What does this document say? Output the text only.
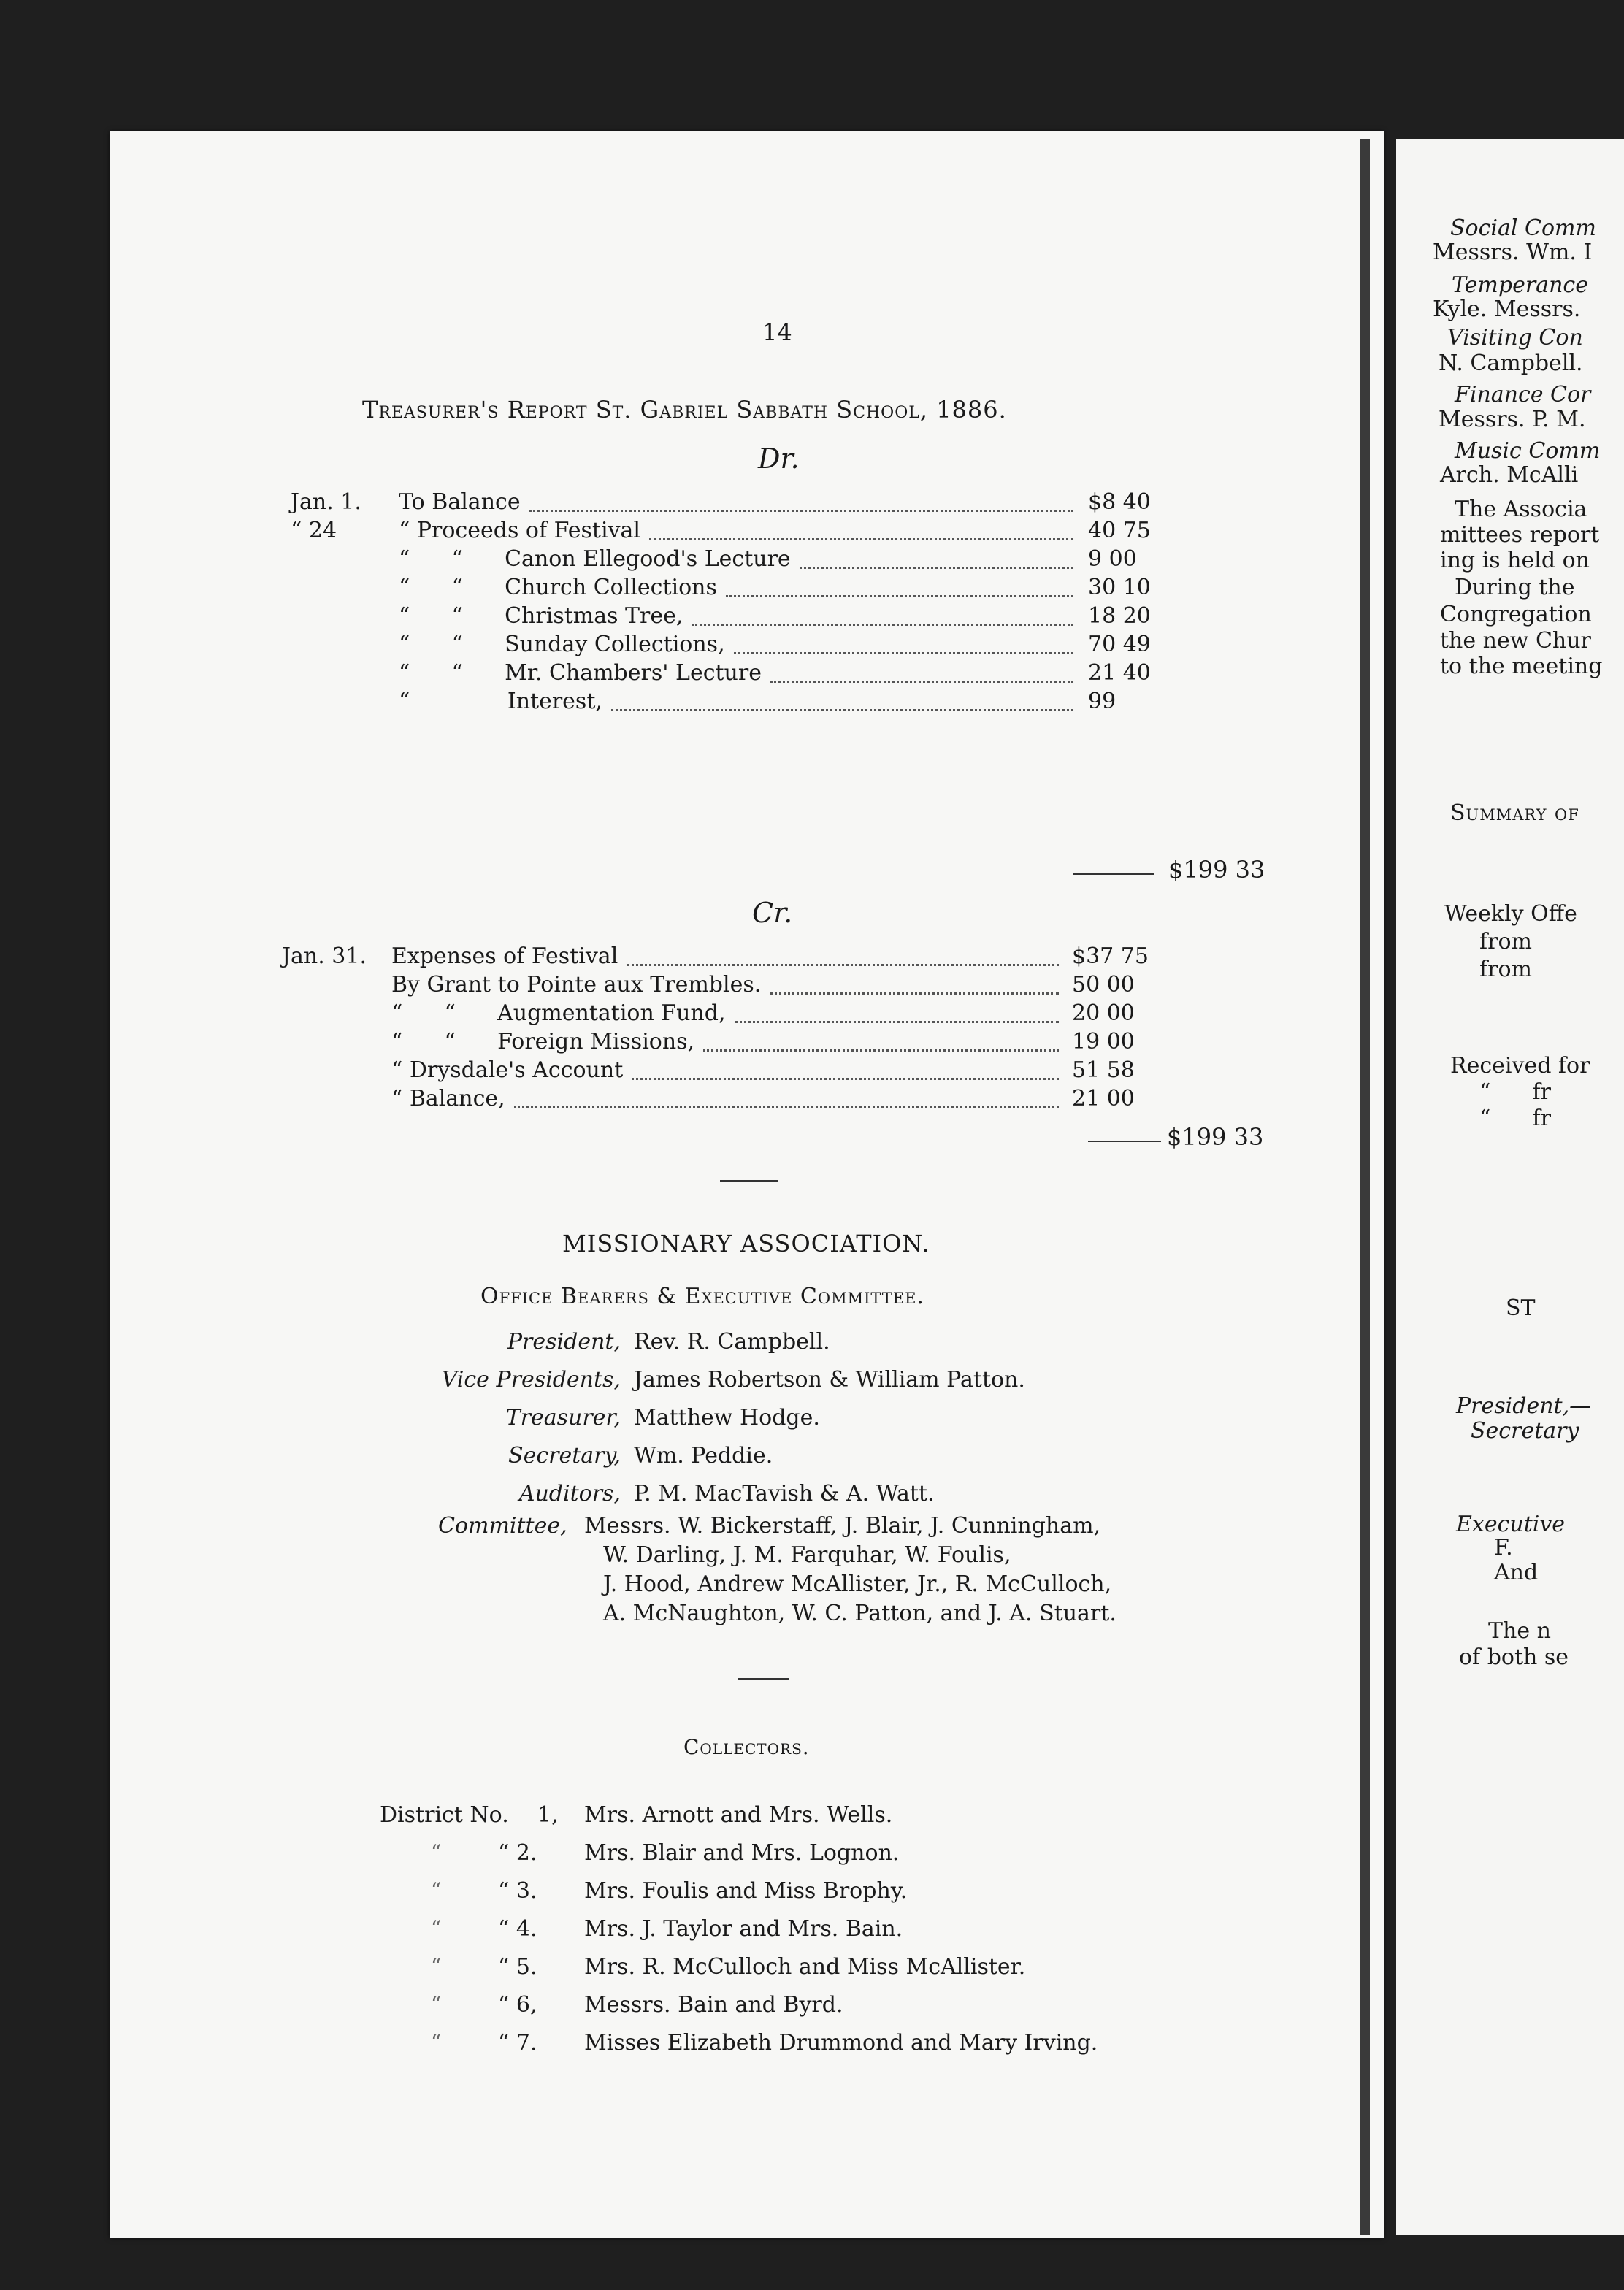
14
Treasurer's Report St. Gabriel Sabbath School, 1886.
Dr.
Jan. 1. To Balance	$8 40
“ 24	“ Proceeds of Festival	40 75
“      “      Canon Ellegood's Lecture	9 00
“      “      Church Collections	30 10
“      “      Christmas Tree,	18 20
“      “      Sunday Collections,	70 49
“      “      Mr. Chambers' Lecture	21 40
“              Interest,	99
$199 33
Cr.
Jan. 31. Expenses of Festival	$37 75
By Grant to Pointe aux Trembles.	50 00
“      “      Augmentation Fund,	20 00
“      “      Foreign Missions,	19 00
“ Drysdale's Account	51 58
“ Balance,	21 00
$199 33
MISSIONARY ASSOCIATION.
Office Bearers & Executive Committee.
President, Rev. R. Campbell.
Vice Presidents, James Robertson & William Patton.
Treasurer, Matthew Hodge.
Secretary, Wm. Peddie.
Auditors, P. M. MacTavish & A. Watt.
Committee, Messrs. W. Bickerstaff, J. Blair, J. Cunningham,
W. Darling, J. M. Farquhar, W. Foulis,
J. Hood, Andrew McAllister, Jr., R. McCulloch,
A. McNaughton, W. C. Patton, and J. A. Stuart.
Collectors.
District No. 1, Mrs. Arnott and Mrs. Wells.
“	“ 2. Mrs. Blair and Mrs. Lognon.
“	“ 3. Mrs. Foulis and Miss Brophy.
“	“ 4. Mrs. J. Taylor and Mrs. Bain.
“	“ 5. Mrs. R. McCulloch and Miss McAllister.
“	“ 6, Messrs. Bain and Byrd.
“	“ 7. Misses Elizabeth Drummond and Mary Irving.
Social Comm
Messrs. Wm. I
Temperance
Kyle. Messrs.
Visiting Con
N. Campbell.
Finance Cor
Messrs. P. M.
Music Comm
Arch. McAlli
The Associa
mittees report
ing is held on
During the
Congregation
the new Chur
to the meeting
Summary of
Weekly Offe
from
from
Received for
“      fr
“      fr
ST
President,—
Secretary
Executive
F.
And
The n
of both se
